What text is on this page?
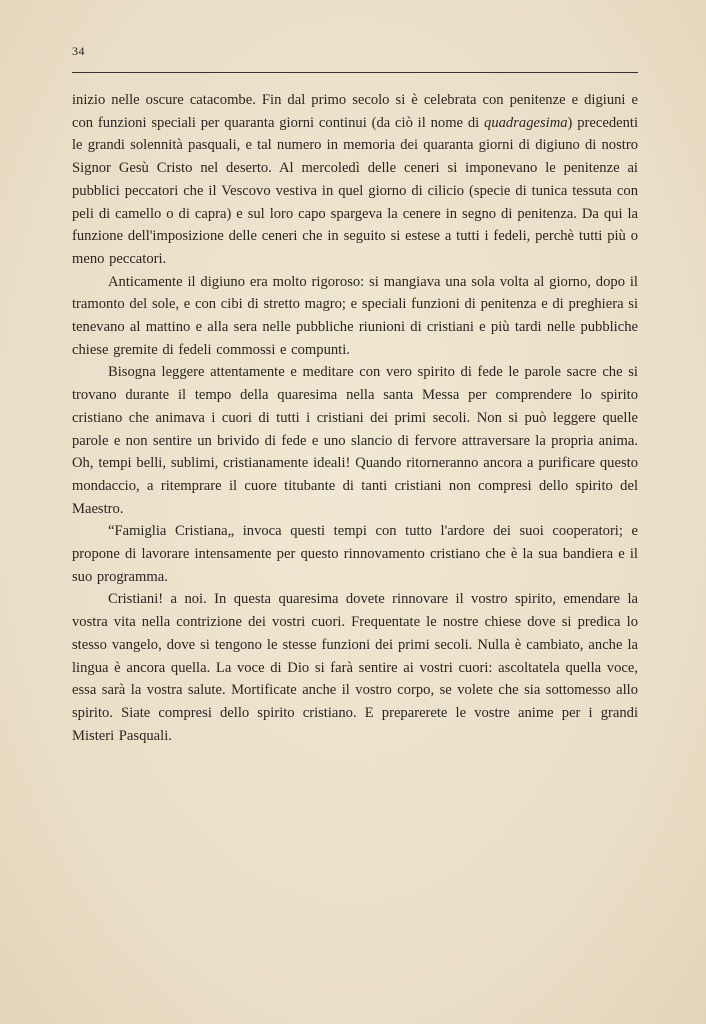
34

inizio nelle oscure catacombe. Fin dal primo secolo si è celebrata con penitenze e digiuni e con funzioni speciali per quaranta giorni continui (da ciò il nome di quadragesima) precedenti le grandi solennità pasquali, e tal numero in memoria dei quaranta giorni di digiuno di nostro Signor Gesù Cristo nel deserto. Al mercoledì delle ceneri si imponevano le penitenze ai pubblici peccatori che il Vescovo vestiva in quel giorno di cilicio (specie di tunica tessuta con peli di camello o di capra) e sul loro capo spargeva la cenere in segno di penitenza. Da qui la funzione dell'imposizione delle ceneri che in seguito si estese a tutti i fedeli, perchè tutti più o meno peccatori.

Anticamente il digiuno era molto rigoroso: si mangiava una sola volta al giorno, dopo il tramonto del sole, e con cibi di stretto magro; e speciali funzioni di penitenza e di preghiera si tenevano al mattino e alla sera nelle pubbliche riunioni di cristiani e più tardi nelle pubbliche chiese gremite di fedeli commossi e compunti.

Bisogna leggere attentamente e meditare con vero spirito di fede le parole sacre che si trovano durante il tempo della quaresima nella santa Messa per comprendere lo spirito cristiano che animava i cuori di tutti i cristiani dei primi secoli. Non si può leggere quelle parole e non sentire un brivido di fede e uno slancio di fervore attraversare la propria anima. Oh, tempi belli, sublimi, cristianamente ideali! Quando ritorneranno ancora a purificare questo mondaccio, a ritemprare il cuore titubante di tanti cristiani non compresi dello spirito del Maestro.

“Famiglia Cristiana„ invoca questi tempi con tutto l'ardore dei suoi cooperatori; e propone di lavorare intensamente per questo rinnovamento cristiano che è la sua bandiera e il suo programma.

Cristiani! a noi. In questa quaresima dovete rinnovare il vostro spirito, emendare la vostra vita nella contrizione dei vostri cuori. Frequentate le nostre chiese dove si predica lo stesso vangelo, dove si tengono le stesse funzioni dei primi secoli. Nulla è cambiato, anche la lingua è ancora quella. La voce di Dio si farà sentire ai vostri cuori: ascoltatela quella voce, essa sarà la vostra salute. Mortificate anche il vostro corpo, se volete che sia sottomesso allo spirito. Siate compresi dello spirito cristiano. E preparerete le vostre anime per i grandi Misteri Pasquali.
